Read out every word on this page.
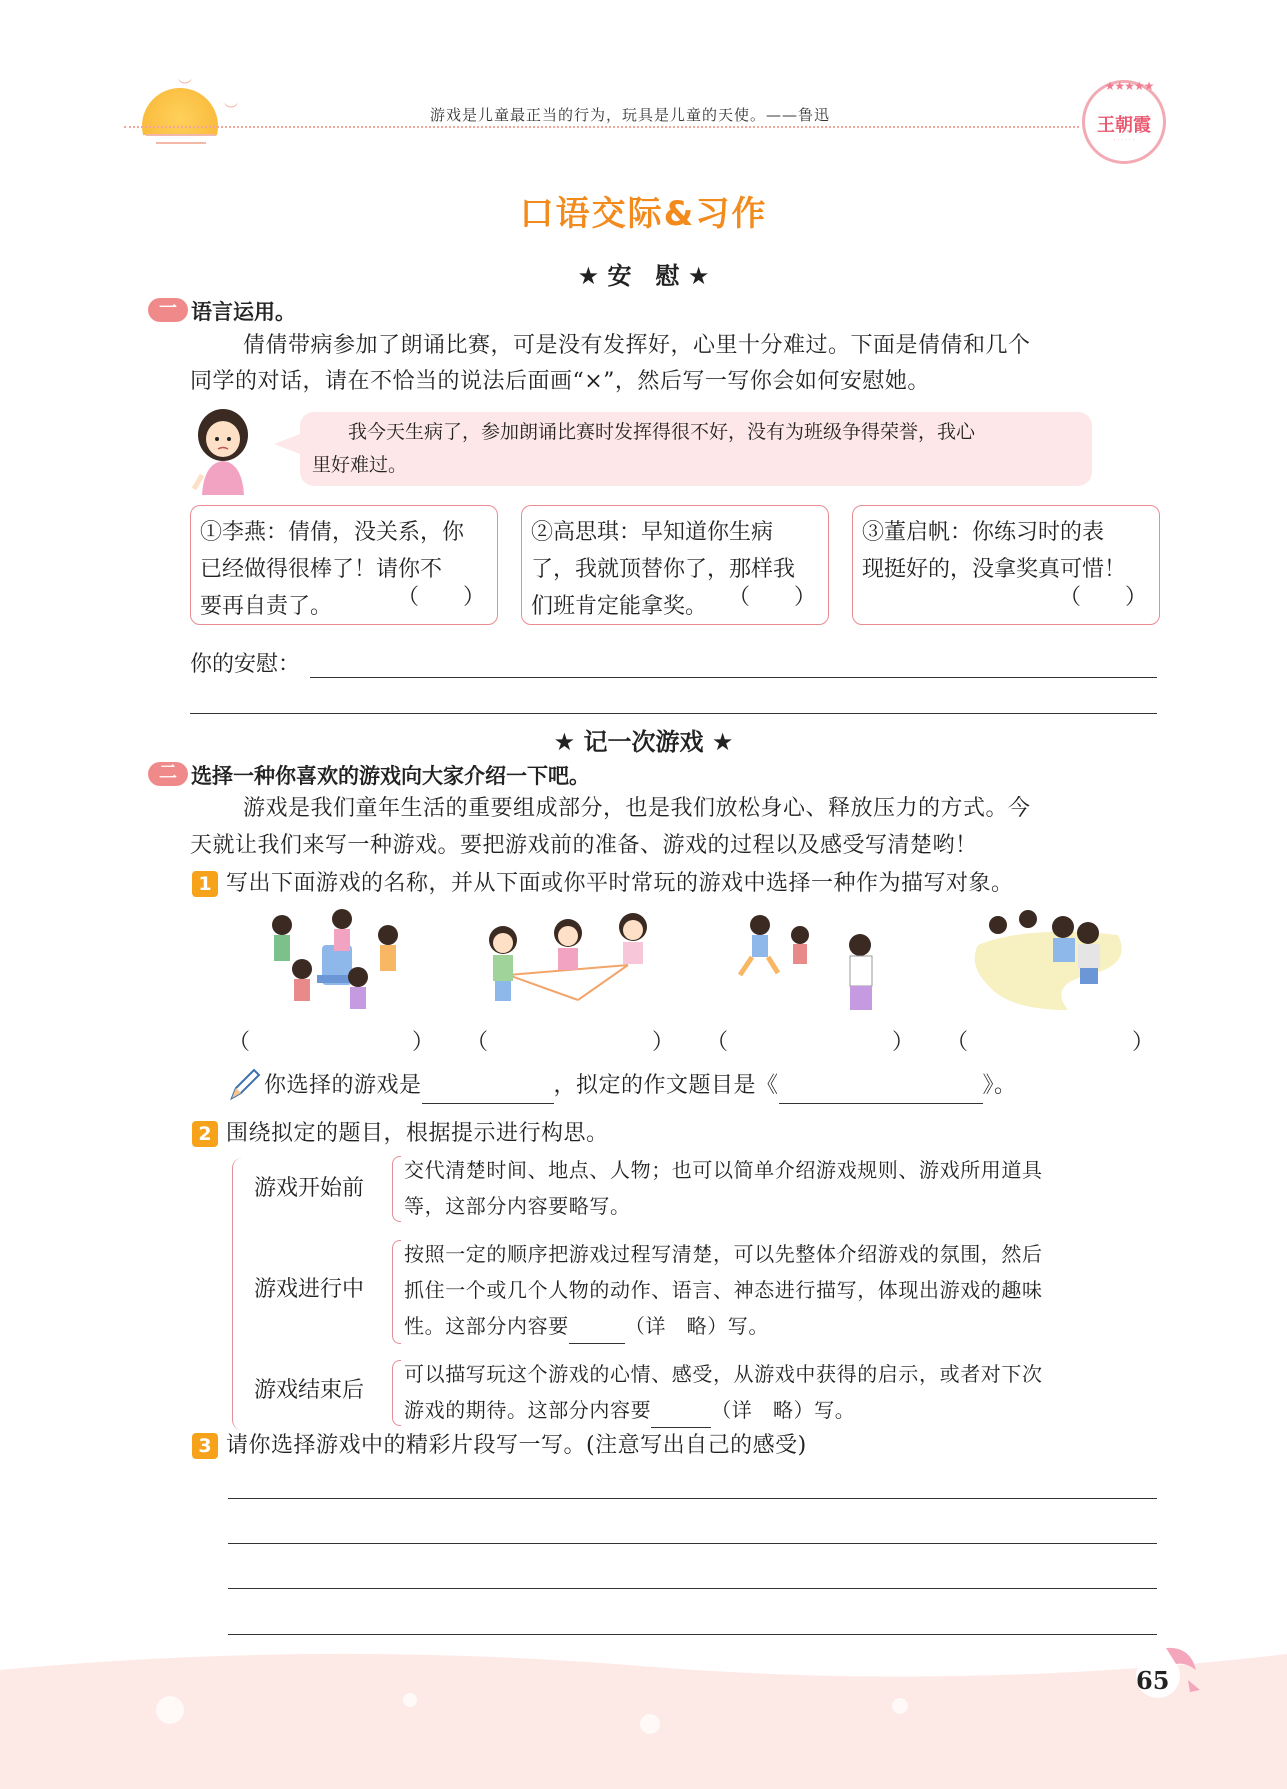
︶
︶	游戏是儿童最正当的行为，玩具是儿童的天使。——鲁迅
★★★★★
王朝霞
· · · · · ·
口语交际&习作
★ 安　慰 ★
一 语言运用。
倩倩带病参加了朗诵比赛，可是没有发挥好，心里十分难过。下面是倩倩和几个
同学的对话，请在不恰当的说法后面画“×”，然后写一写你会如何安慰她。
我今天生病了，参加朗诵比赛时发挥得很不好，没有为班级争得荣誉，我心
里好难过。
①李燕：倩倩，没关系，你
已经做得很棒了！请你不
要再自责了。	（　　）
②高思琪：早知道你生病
了，我就顶替你了，那样我
们班肯定能拿奖。 （　　）
③董启帆：你练习时的表
现挺好的，没拿奖真可惜！
（　　）
你的安慰：
★ 记一次游戏 ★
二 选择一种你喜欢的游戏向大家介绍一下吧。
游戏是我们童年生活的重要组成部分，也是我们放松身心、释放压力的方式。今
天就让我们来写一种游戏。要把游戏前的准备、游戏的过程以及感受写清楚哟！
1 写出下面游戏的名称，并从下面或你平时常玩的游戏中选择一种作为描写对象。
（	） （	） （	） （	）
你选择的游戏是	，拟定的作文题目是《	》。
2 围绕拟定的题目，根据提示进行构思。
游戏开始前
交代清楚时间、地点、人物；也可以简单介绍游戏规则、游戏所用道具
等，这部分内容要略写。
游戏进行中
按照一定的顺序把游戏过程写清楚，可以先整体介绍游戏的氛围，然后
抓住一个或几个人物的动作、语言、神态进行描写，体现出游戏的趣味
性。这部分内容要	（详　略）写。
游戏结束后
可以描写玩这个游戏的心情、感受，从游戏中获得的启示，或者对下次
游戏的期待。这部分内容要	（详　略）写。
3 请你选择游戏中的精彩片段写一写。(注意写出自己的感受)
65
